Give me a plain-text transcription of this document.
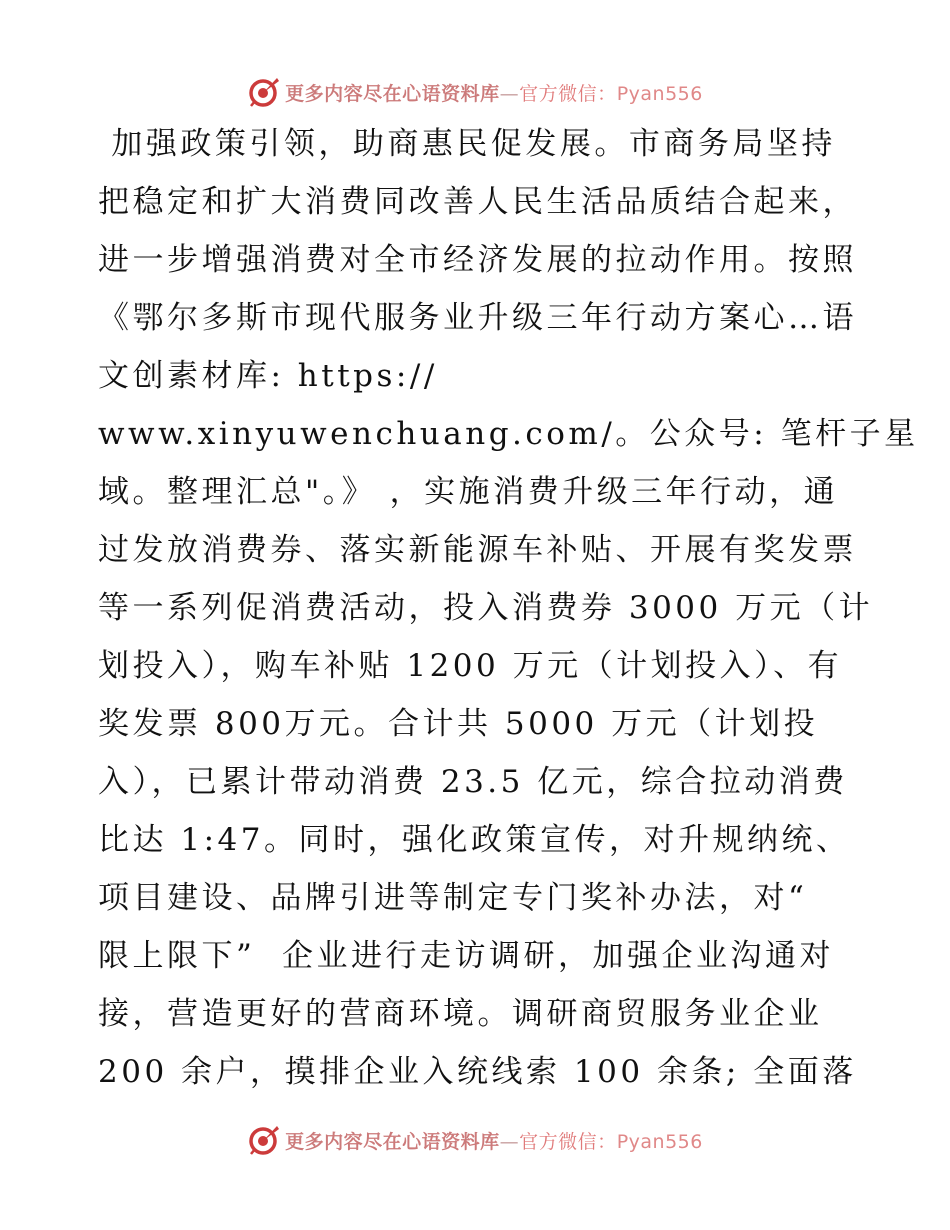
更多内容尽在心语资料库—官方微信：Pyan556
加强政策引领，助商惠民促发展。市商务局坚持
把稳定和扩大消费同改善人民生活品质结合起来，
进一步增强消费对全市经济发展的拉动作用。按照
《鄂尔多斯市现代服务业升级三年行动方案心…语
文创素材库: https://
www.xinyuwenchuang.com/。公众号: 笔杆子星
域。整理汇总"。》 ，实施消费升级三年行动，通
过发放消费券、落实新能源车补贴、开展有奖发票
等一系列促消费活动，投入消费券 3000 万元（计
划投入），购车补贴 1200 万元（计划投入）、有
奖发票 800万元。合计共 5000 万元（计划投
入），已累计带动消费 23.5 亿元，综合拉动消费
比达 1:47。同时，强化政策宣传，对升规纳统、
项目建设、品牌引进等制定专门奖补办法，对“
限上限下”  企业进行走访调研，加强企业沟通对
接，营造更好的营商环境。调研商贸服务业企业
200 余户，摸排企业入统线索 100 余条; 全面落
更多内容尽在心语资料库—官方微信：Pyan556
